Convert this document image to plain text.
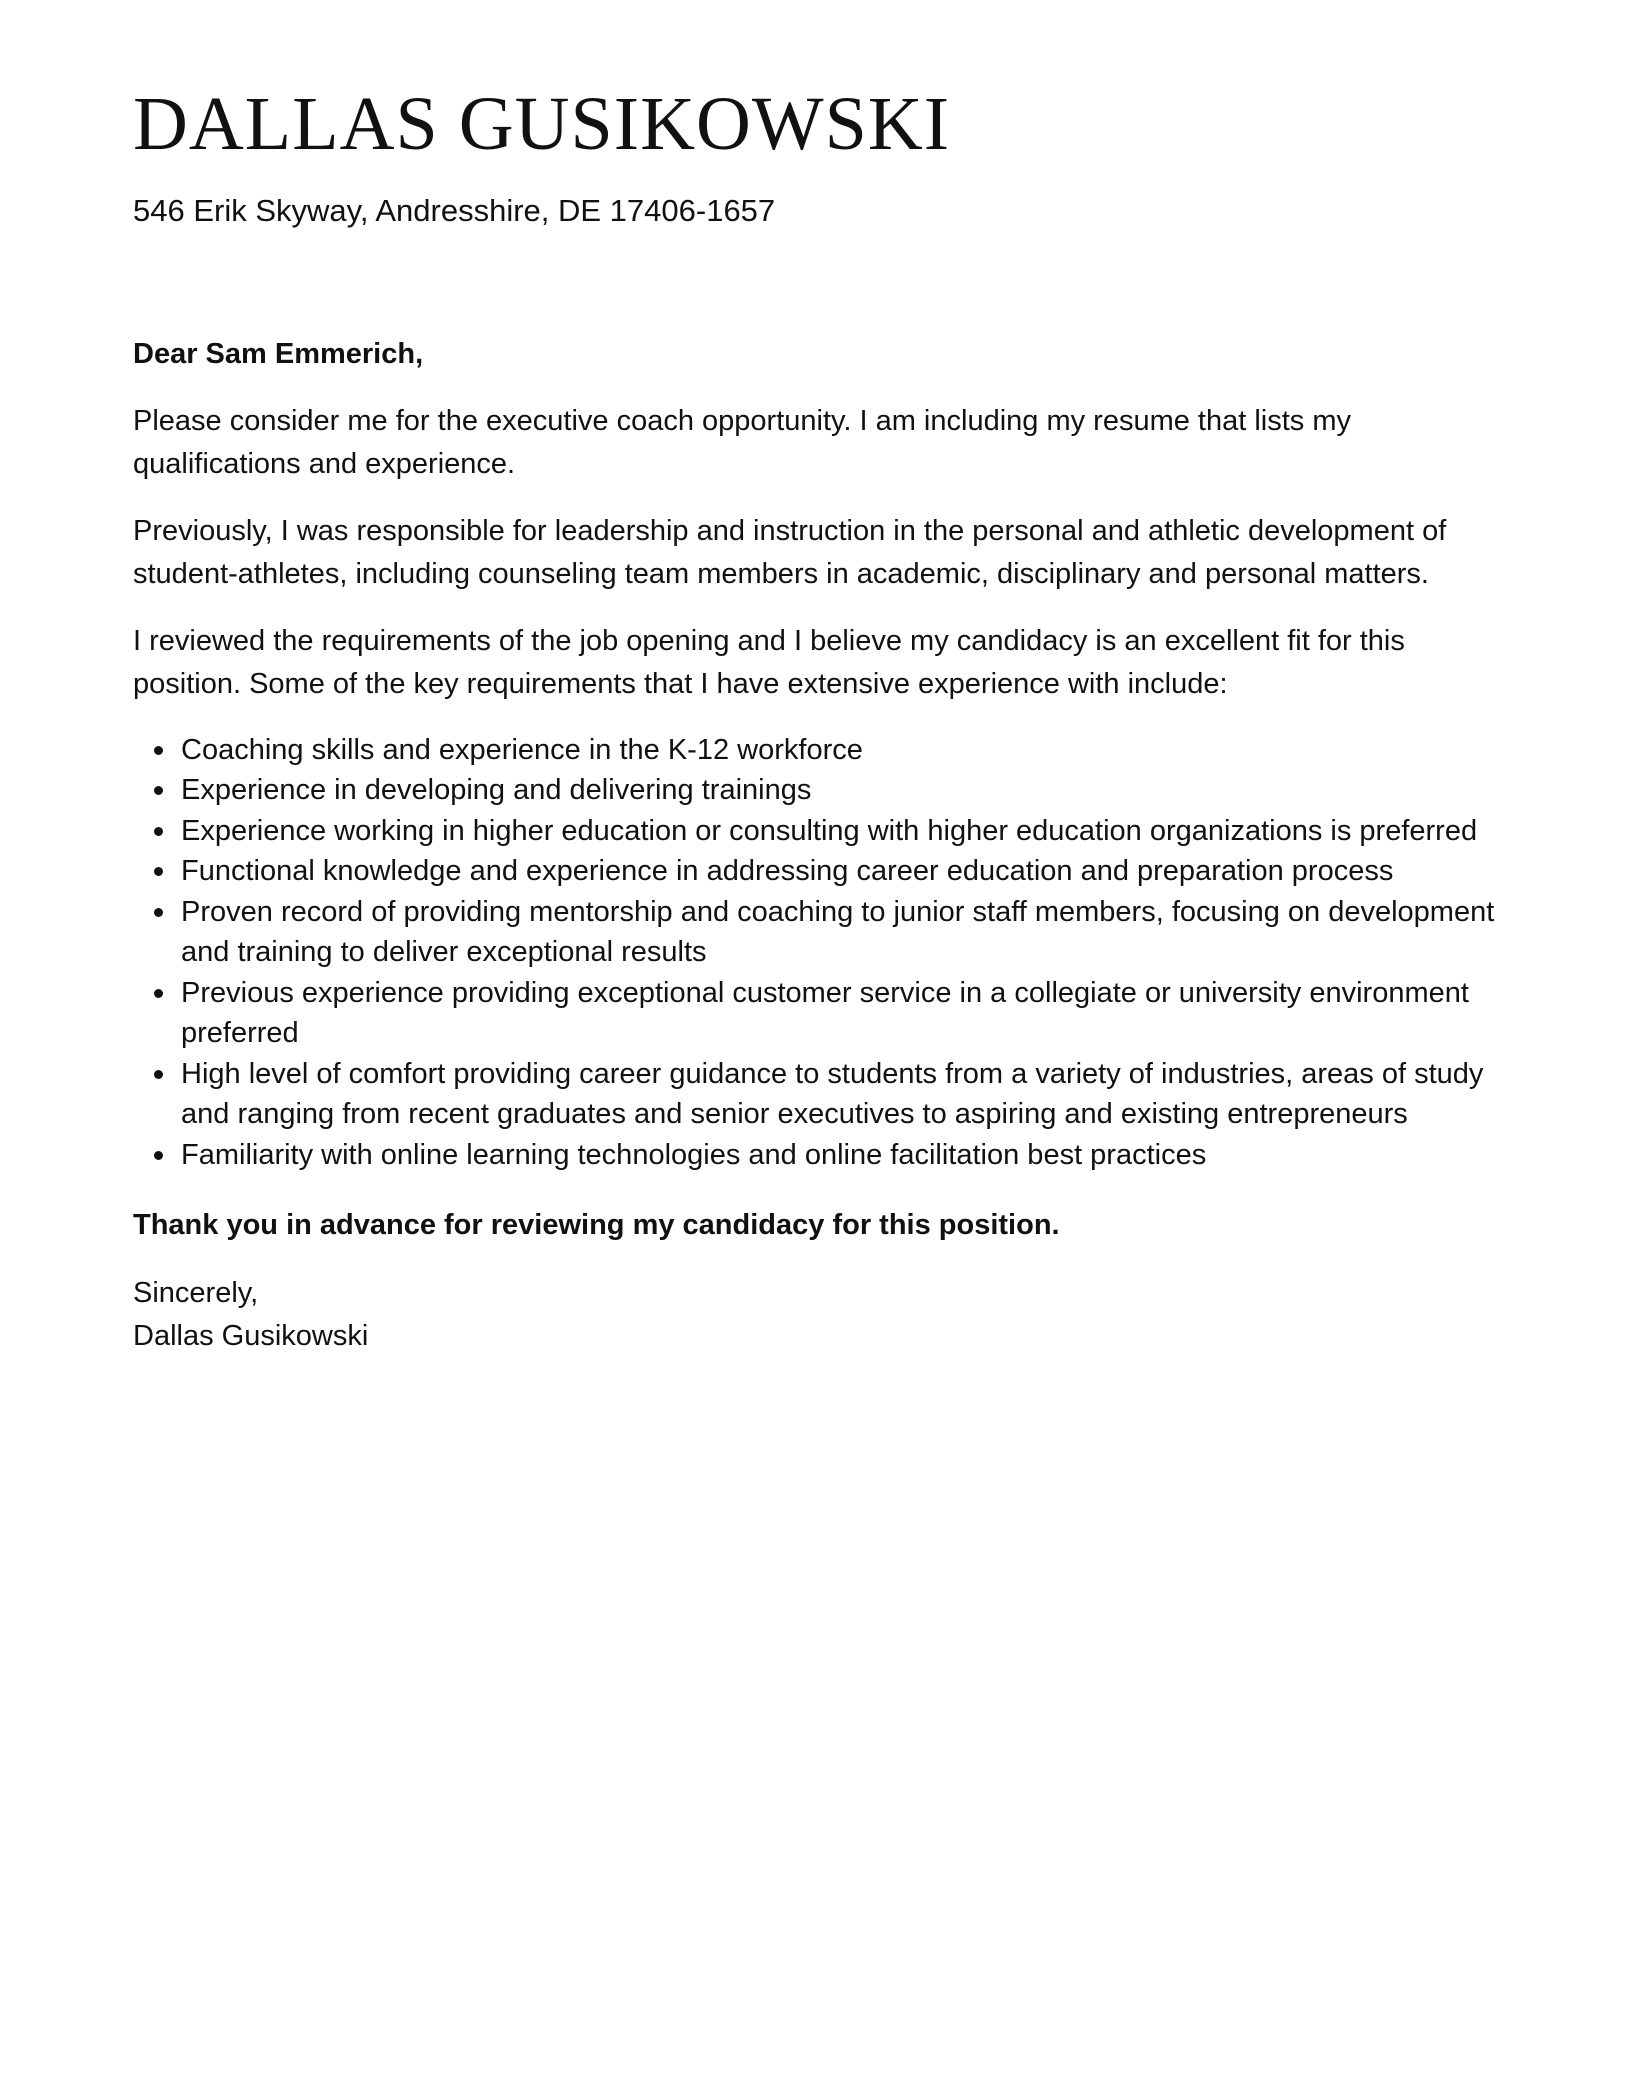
DALLAS GUSIKOWSKI
546 Erik Skyway, Andresshire, DE 17406-1657

Dear Sam Emmerich,

Please consider me for the executive coach opportunity. I am including my resume that lists my qualifications and experience.

Previously, I was responsible for leadership and instruction in the personal and athletic development of student-athletes, including counseling team members in academic, disciplinary and personal matters.

I reviewed the requirements of the job opening and I believe my candidacy is an excellent fit for this position. Some of the key requirements that I have extensive experience with include:

Coaching skills and experience in the K-12 workforce
Experience in developing and delivering trainings
Experience working in higher education or consulting with higher education organizations is preferred
Functional knowledge and experience in addressing career education and preparation process
Proven record of providing mentorship and coaching to junior staff members, focusing on development and training to deliver exceptional results
Previous experience providing exceptional customer service in a collegiate or university environment preferred
High level of comfort providing career guidance to students from a variety of industries, areas of study and ranging from recent graduates and senior executives to aspiring and existing entrepreneurs
Familiarity with online learning technologies and online facilitation best practices

Thank you in advance for reviewing my candidacy for this position.

Sincerely,
Dallas Gusikowski
